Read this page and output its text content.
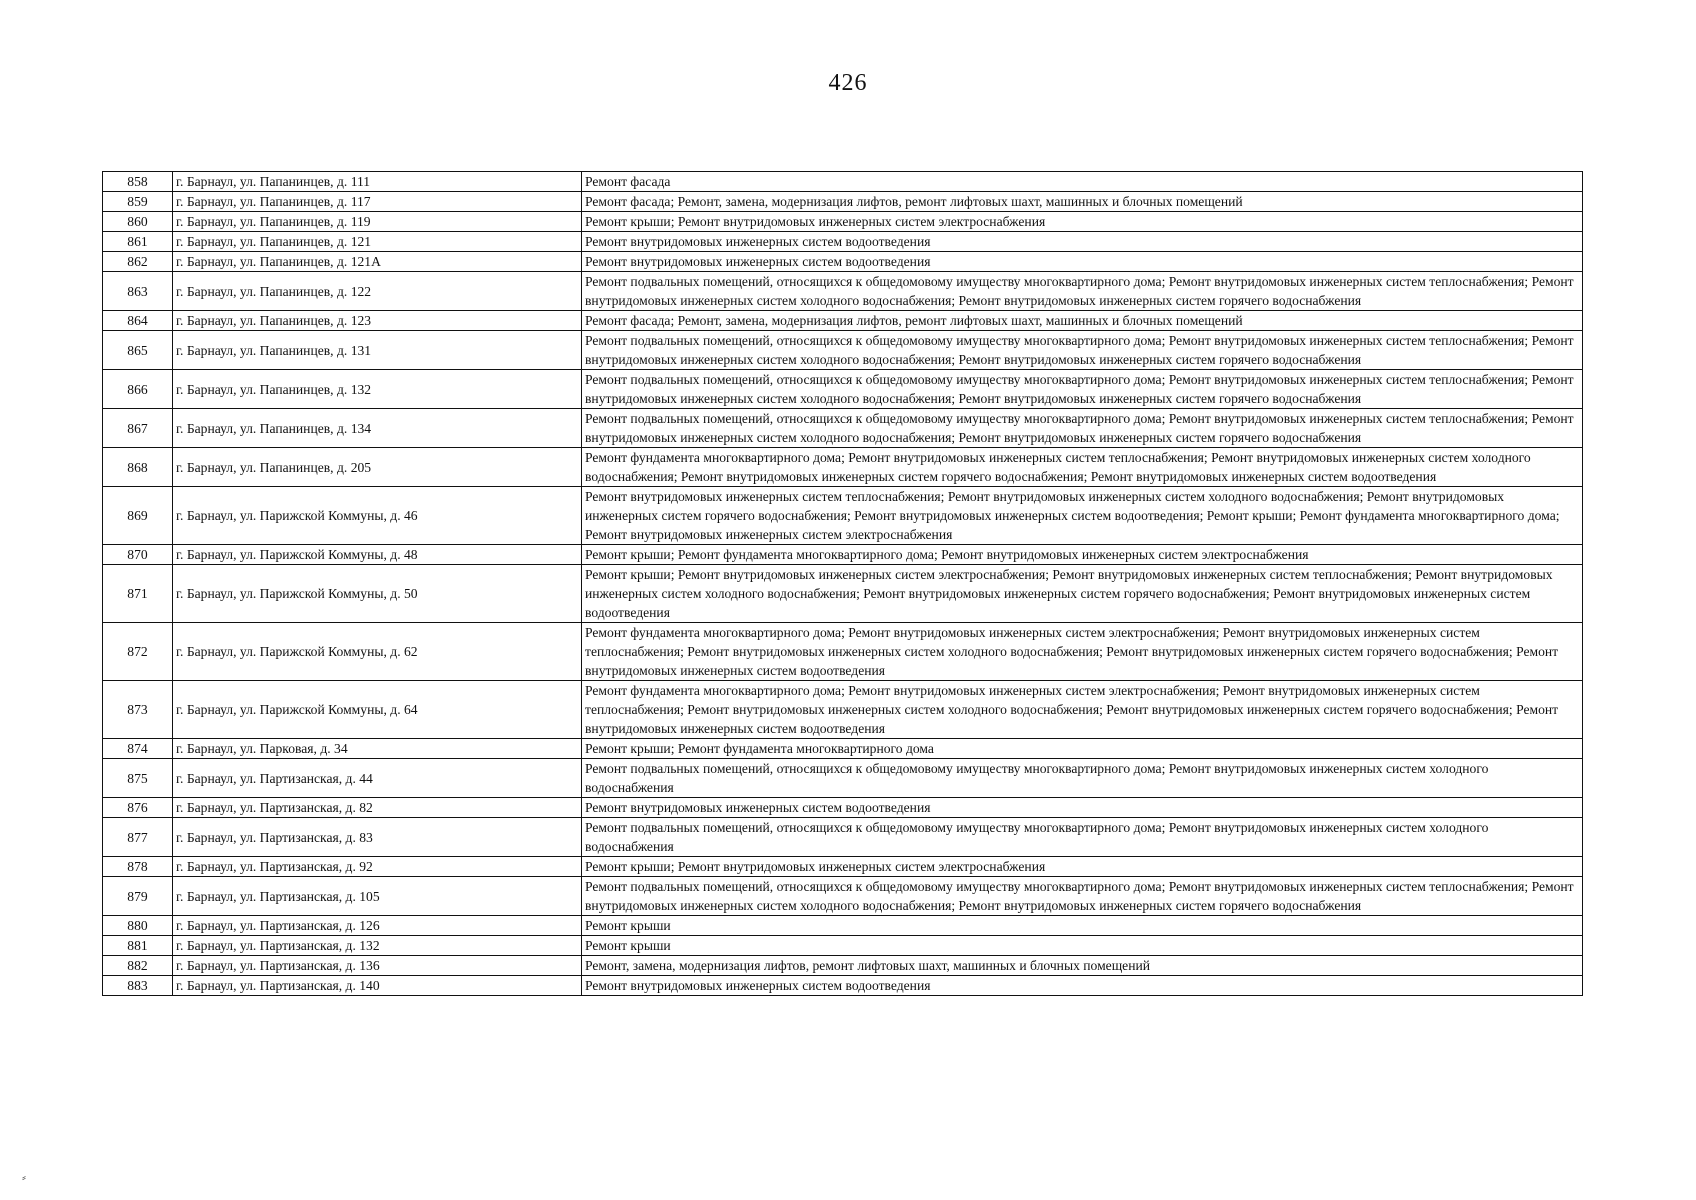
426
858	г. Барнаул, ул. Папанинцев, д. 111	Ремонт фасада
859	г. Барнаул, ул. Папанинцев, д. 117	Ремонт фасада; Ремонт, замена, модернизация лифтов, ремонт лифтовых шахт, машинных и блочных помещений
860	г. Барнаул, ул. Папанинцев, д. 119	Ремонт крыши; Ремонт внутридомовых инженерных систем электроснабжения
861	г. Барнаул, ул. Папанинцев, д. 121	Ремонт внутридомовых инженерных систем водоотведения
862	г. Барнаул, ул. Папанинцев, д. 121А	Ремонт внутридомовых инженерных систем водоотведения
863	г. Барнаул, ул. Папанинцев, д. 122	Ремонт подвальных помещений, относящихся к общедомовому имуществу многоквартирного дома; Ремонт внутридомовых инженерных систем теплоснабжения; Ремонт внутридомовых инженерных систем холодного водоснабжения; Ремонт внутридомовых инженерных систем горячего водоснабжения
864	г. Барнаул, ул. Папанинцев, д. 123	Ремонт фасада; Ремонт, замена, модернизация лифтов, ремонт лифтовых шахт, машинных и блочных помещений
865	г. Барнаул, ул. Папанинцев, д. 131	Ремонт подвальных помещений, относящихся к общедомовому имуществу многоквартирного дома; Ремонт внутридомовых инженерных систем теплоснабжения; Ремонт внутридомовых инженерных систем холодного водоснабжения; Ремонт внутридомовых инженерных систем горячего водоснабжения
866	г. Барнаул, ул. Папанинцев, д. 132	Ремонт подвальных помещений, относящихся к общедомовому имуществу многоквартирного дома; Ремонт внутридомовых инженерных систем теплоснабжения; Ремонт внутридомовых инженерных систем холодного водоснабжения; Ремонт внутридомовых инженерных систем горячего водоснабжения
867	г. Барнаул, ул. Папанинцев, д. 134	Ремонт подвальных помещений, относящихся к общедомовому имуществу многоквартирного дома; Ремонт внутридомовых инженерных систем теплоснабжения; Ремонт внутридомовых инженерных систем холодного водоснабжения; Ремонт внутридомовых инженерных систем горячего водоснабжения
868	г. Барнаул, ул. Папанинцев, д. 205	Ремонт фундамента многоквартирного дома; Ремонт внутридомовых инженерных систем теплоснабжения; Ремонт внутридомовых инженерных систем холодного водоснабжения; Ремонт внутридомовых инженерных систем горячего водоснабжения; Ремонт внутридомовых инженерных систем водоотведения
869	г. Барнаул, ул. Парижской Коммуны, д. 46	Ремонт внутридомовых инженерных систем теплоснабжения; Ремонт внутридомовых инженерных систем холодного водоснабжения; Ремонт внутридомовых инженерных систем горячего водоснабжения; Ремонт внутридомовых инженерных систем водоотведения; Ремонт крыши; Ремонт фундамента многоквартирного дома; Ремонт внутридомовых инженерных систем электроснабжения
870	г. Барнаул, ул. Парижской Коммуны, д. 48	Ремонт крыши; Ремонт фундамента многоквартирного дома; Ремонт внутридомовых инженерных систем электроснабжения
871	г. Барнаул, ул. Парижской Коммуны, д. 50	Ремонт крыши; Ремонт внутридомовых инженерных систем электроснабжения; Ремонт внутридомовых инженерных систем теплоснабжения; Ремонт внутридомовых инженерных систем холодного водоснабжения; Ремонт внутридомовых инженерных систем горячего водоснабжения; Ремонт внутридомовых инженерных систем водоотведения
872	г. Барнаул, ул. Парижской Коммуны, д. 62	Ремонт фундамента многоквартирного дома; Ремонт внутридомовых инженерных систем электроснабжения; Ремонт внутридомовых инженерных систем теплоснабжения; Ремонт внутридомовых инженерных систем холодного водоснабжения; Ремонт внутридомовых инженерных систем горячего водоснабжения; Ремонт внутридомовых инженерных систем водоотведения
873	г. Барнаул, ул. Парижской Коммуны, д. 64	Ремонт фундамента многоквартирного дома; Ремонт внутридомовых инженерных систем электроснабжения; Ремонт внутридомовых инженерных систем теплоснабжения; Ремонт внутридомовых инженерных систем холодного водоснабжения; Ремонт внутридомовых инженерных систем горячего водоснабжения; Ремонт внутридомовых инженерных систем водоотведения
874	г. Барнаул, ул. Парковая, д. 34	Ремонт крыши; Ремонт фундамента многоквартирного дома
875	г. Барнаул, ул. Партизанская, д. 44	Ремонт подвальных помещений, относящихся к общедомовому имуществу многоквартирного дома; Ремонт внутридомовых инженерных систем холодного водоснабжения
876	г. Барнаул, ул. Партизанская, д. 82	Ремонт внутридомовых инженерных систем водоотведения
877	г. Барнаул, ул. Партизанская, д. 83	Ремонт подвальных помещений, относящихся к общедомовому имуществу многоквартирного дома; Ремонт внутридомовых инженерных систем холодного водоснабжения
878	г. Барнаул, ул. Партизанская, д. 92	Ремонт крыши; Ремонт внутридомовых инженерных систем электроснабжения
879	г. Барнаул, ул. Партизанская, д. 105	Ремонт подвальных помещений, относящихся к общедомовому имуществу многоквартирного дома; Ремонт внутридомовых инженерных систем теплоснабжения; Ремонт внутридомовых инженерных систем холодного водоснабжения; Ремонт внутридомовых инженерных систем горячего водоснабжения
880	г. Барнаул, ул. Партизанская, д. 126	Ремонт крыши
881	г. Барнаул, ул. Партизанская, д. 132	Ремонт крыши
882	г. Барнаул, ул. Партизанская, д. 136	Ремонт, замена, модернизация лифтов, ремонт лифтовых шахт, машинных и блочных помещений
883	г. Барнаул, ул. Партизанская, д. 140	Ремонт внутридомовых инженерных систем водоотведения
⸗
